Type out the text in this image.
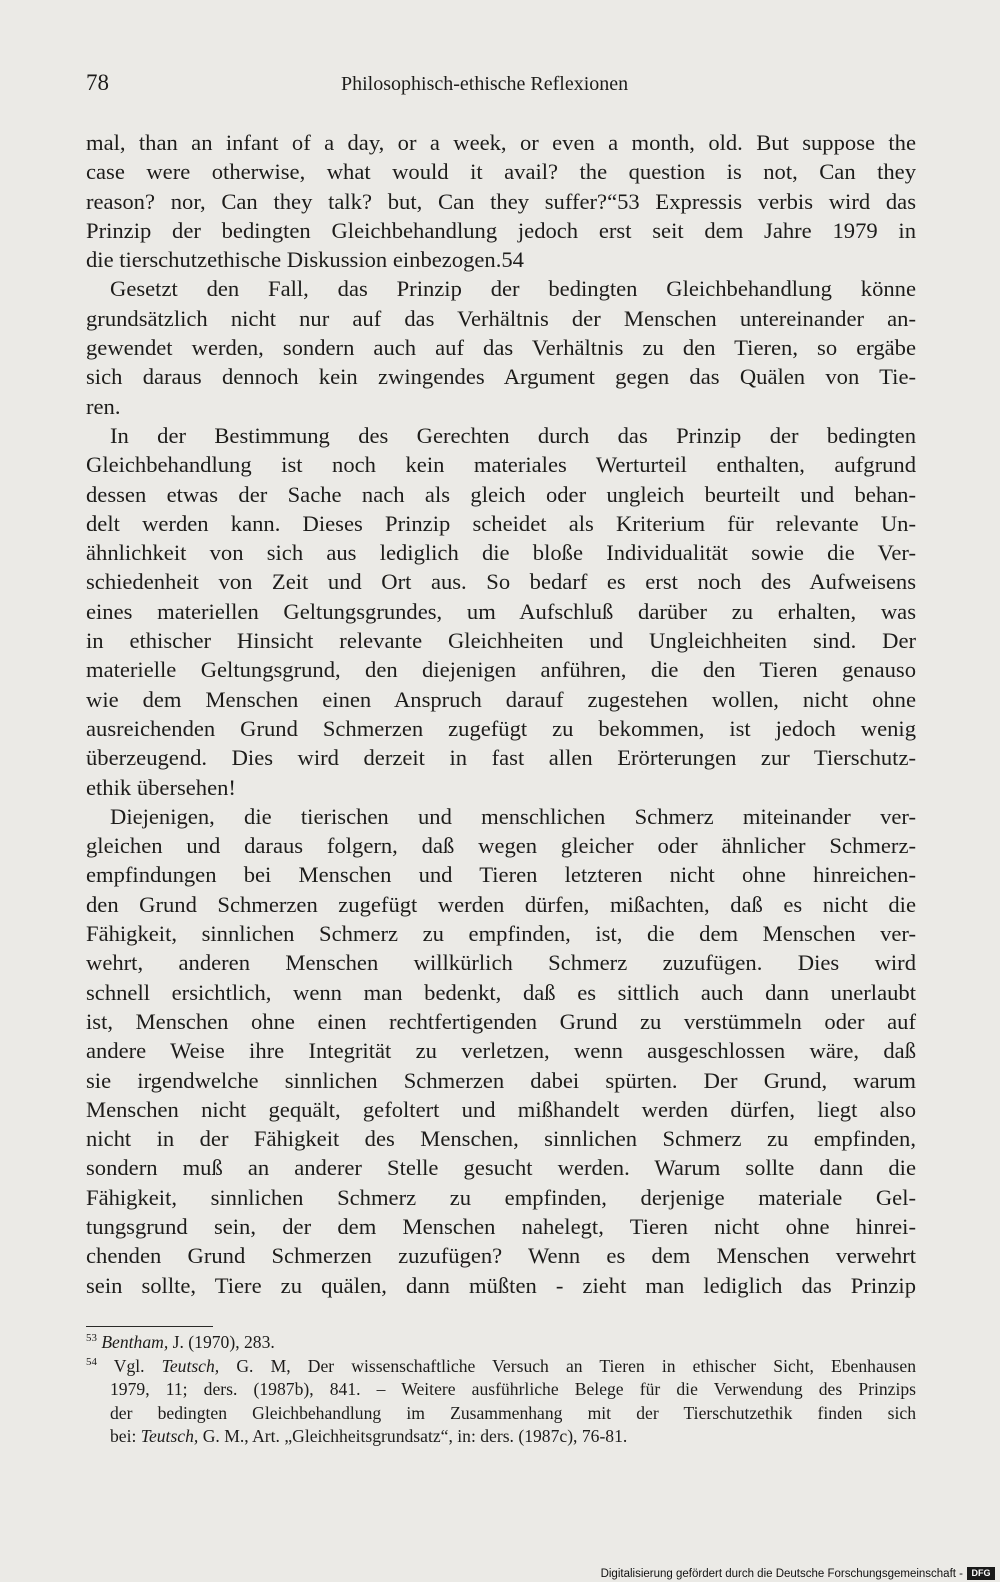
78	Philosophisch-ethische Reflexionen
mal, than an infant of a day, or a week, or even a month, old. But suppose the
case were otherwise, what would it avail? the question is not, Can they
reason? nor, Can they talk? but, Can they suffer?“53 Expressis verbis wird das
Prinzip der bedingten Gleichbehandlung jedoch erst seit dem Jahre 1979 in
die tierschutzethische Diskussion einbezogen.54
Gesetzt den Fall, das Prinzip der bedingten Gleichbehandlung könne
grundsätzlich nicht nur auf das Verhältnis der Menschen untereinander an-
gewendet werden, sondern auch auf das Verhältnis zu den Tieren, so ergäbe
sich daraus dennoch kein zwingendes Argument gegen das Quälen von Tie-
ren.
In der Bestimmung des Gerechten durch das Prinzip der bedingten
Gleichbehandlung ist noch kein materiales Werturteil enthalten, aufgrund
dessen etwas der Sache nach als gleich oder ungleich beurteilt und behan-
delt werden kann. Dieses Prinzip scheidet als Kriterium für relevante Un-
ähnlichkeit von sich aus lediglich die bloße Individualität sowie die Ver-
schiedenheit von Zeit und Ort aus. So bedarf es erst noch des Aufweisens
eines materiellen Geltungsgrundes, um Aufschluß darüber zu erhalten, was
in ethischer Hinsicht relevante Gleichheiten und Ungleichheiten sind. Der
materielle Geltungsgrund, den diejenigen anführen, die den Tieren genauso
wie dem Menschen einen Anspruch darauf zugestehen wollen, nicht ohne
ausreichenden Grund Schmerzen zugefügt zu bekommen, ist jedoch wenig
überzeugend. Dies wird derzeit in fast allen Erörterungen zur Tierschutz-
ethik übersehen!
Diejenigen, die tierischen und menschlichen Schmerz miteinander ver-
gleichen und daraus folgern, daß wegen gleicher oder ähnlicher Schmerz-
empfindungen bei Menschen und Tieren letzteren nicht ohne hinreichen-
den Grund Schmerzen zugefügt werden dürfen, mißachten, daß es nicht die
Fähigkeit, sinnlichen Schmerz zu empfinden, ist, die dem Menschen ver-
wehrt, anderen Menschen willkürlich Schmerz zuzufügen. Dies wird
schnell ersichtlich, wenn man bedenkt, daß es sittlich auch dann unerlaubt
ist, Menschen ohne einen rechtfertigenden Grund zu verstümmeln oder auf
andere Weise ihre Integrität zu verletzen, wenn ausgeschlossen wäre, daß
sie irgendwelche sinnlichen Schmerzen dabei spürten. Der Grund, warum
Menschen nicht gequält, gefoltert und mißhandelt werden dürfen, liegt also
nicht in der Fähigkeit des Menschen, sinnlichen Schmerz zu empfinden,
sondern muß an anderer Stelle gesucht werden. Warum sollte dann die
Fähigkeit, sinnlichen Schmerz zu empfinden, derjenige materiale Gel-
tungsgrund sein, der dem Menschen nahelegt, Tieren nicht ohne hinrei-
chenden Grund Schmerzen zuzufügen? Wenn es dem Menschen verwehrt
sein sollte, Tiere zu quälen, dann müßten - zieht man lediglich das Prinzip
$^{53}$ Bentham, J. (1970), 283.
$^{54}$ Vgl. Teutsch, G. M, Der wissenschaftliche Versuch an Tieren in ethischer Sicht, Ebenhausen
1979, 11; ders. (1987b), 841. – Weitere ausführliche Belege für die Verwendung des Prinzips
der bedingten Gleichbehandlung im Zusammenhang mit der Tierschutzethik finden sich
bei: Teutsch, G. M., Art. „Gleichheitsgrundsatz“, in: ders. (1987c), 76-81.
Digitalisierung gefördert durch die Deutsche Forschungsgemeinschaft - DFG
